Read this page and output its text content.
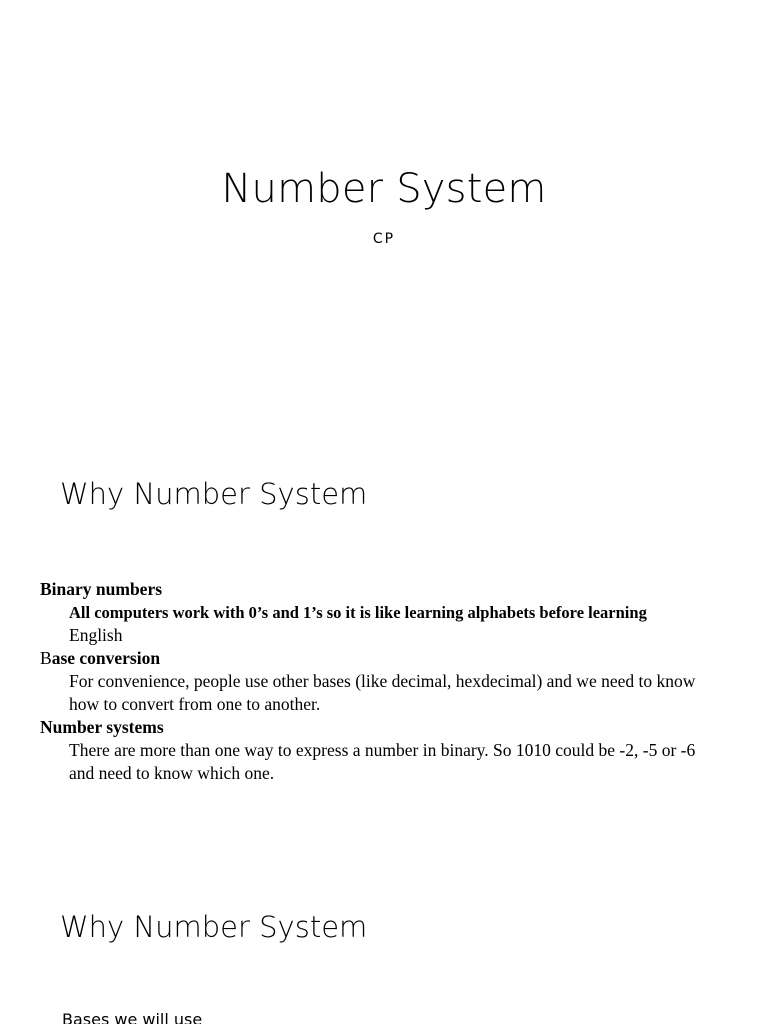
Number System
CP
Why Number System
Binary numbers
All computers work with 0’s and 1’s so it is like learning alphabets before learning
English
Base conversion
For convenience, people use other bases (like decimal, hexdecimal) and we need to know how to convert from one to another.
Number systems
There are more than one way to express a number in binary. So 1010 could be -2, -5 or -6 and need to know which one.
Why Number System
Bases we will use
